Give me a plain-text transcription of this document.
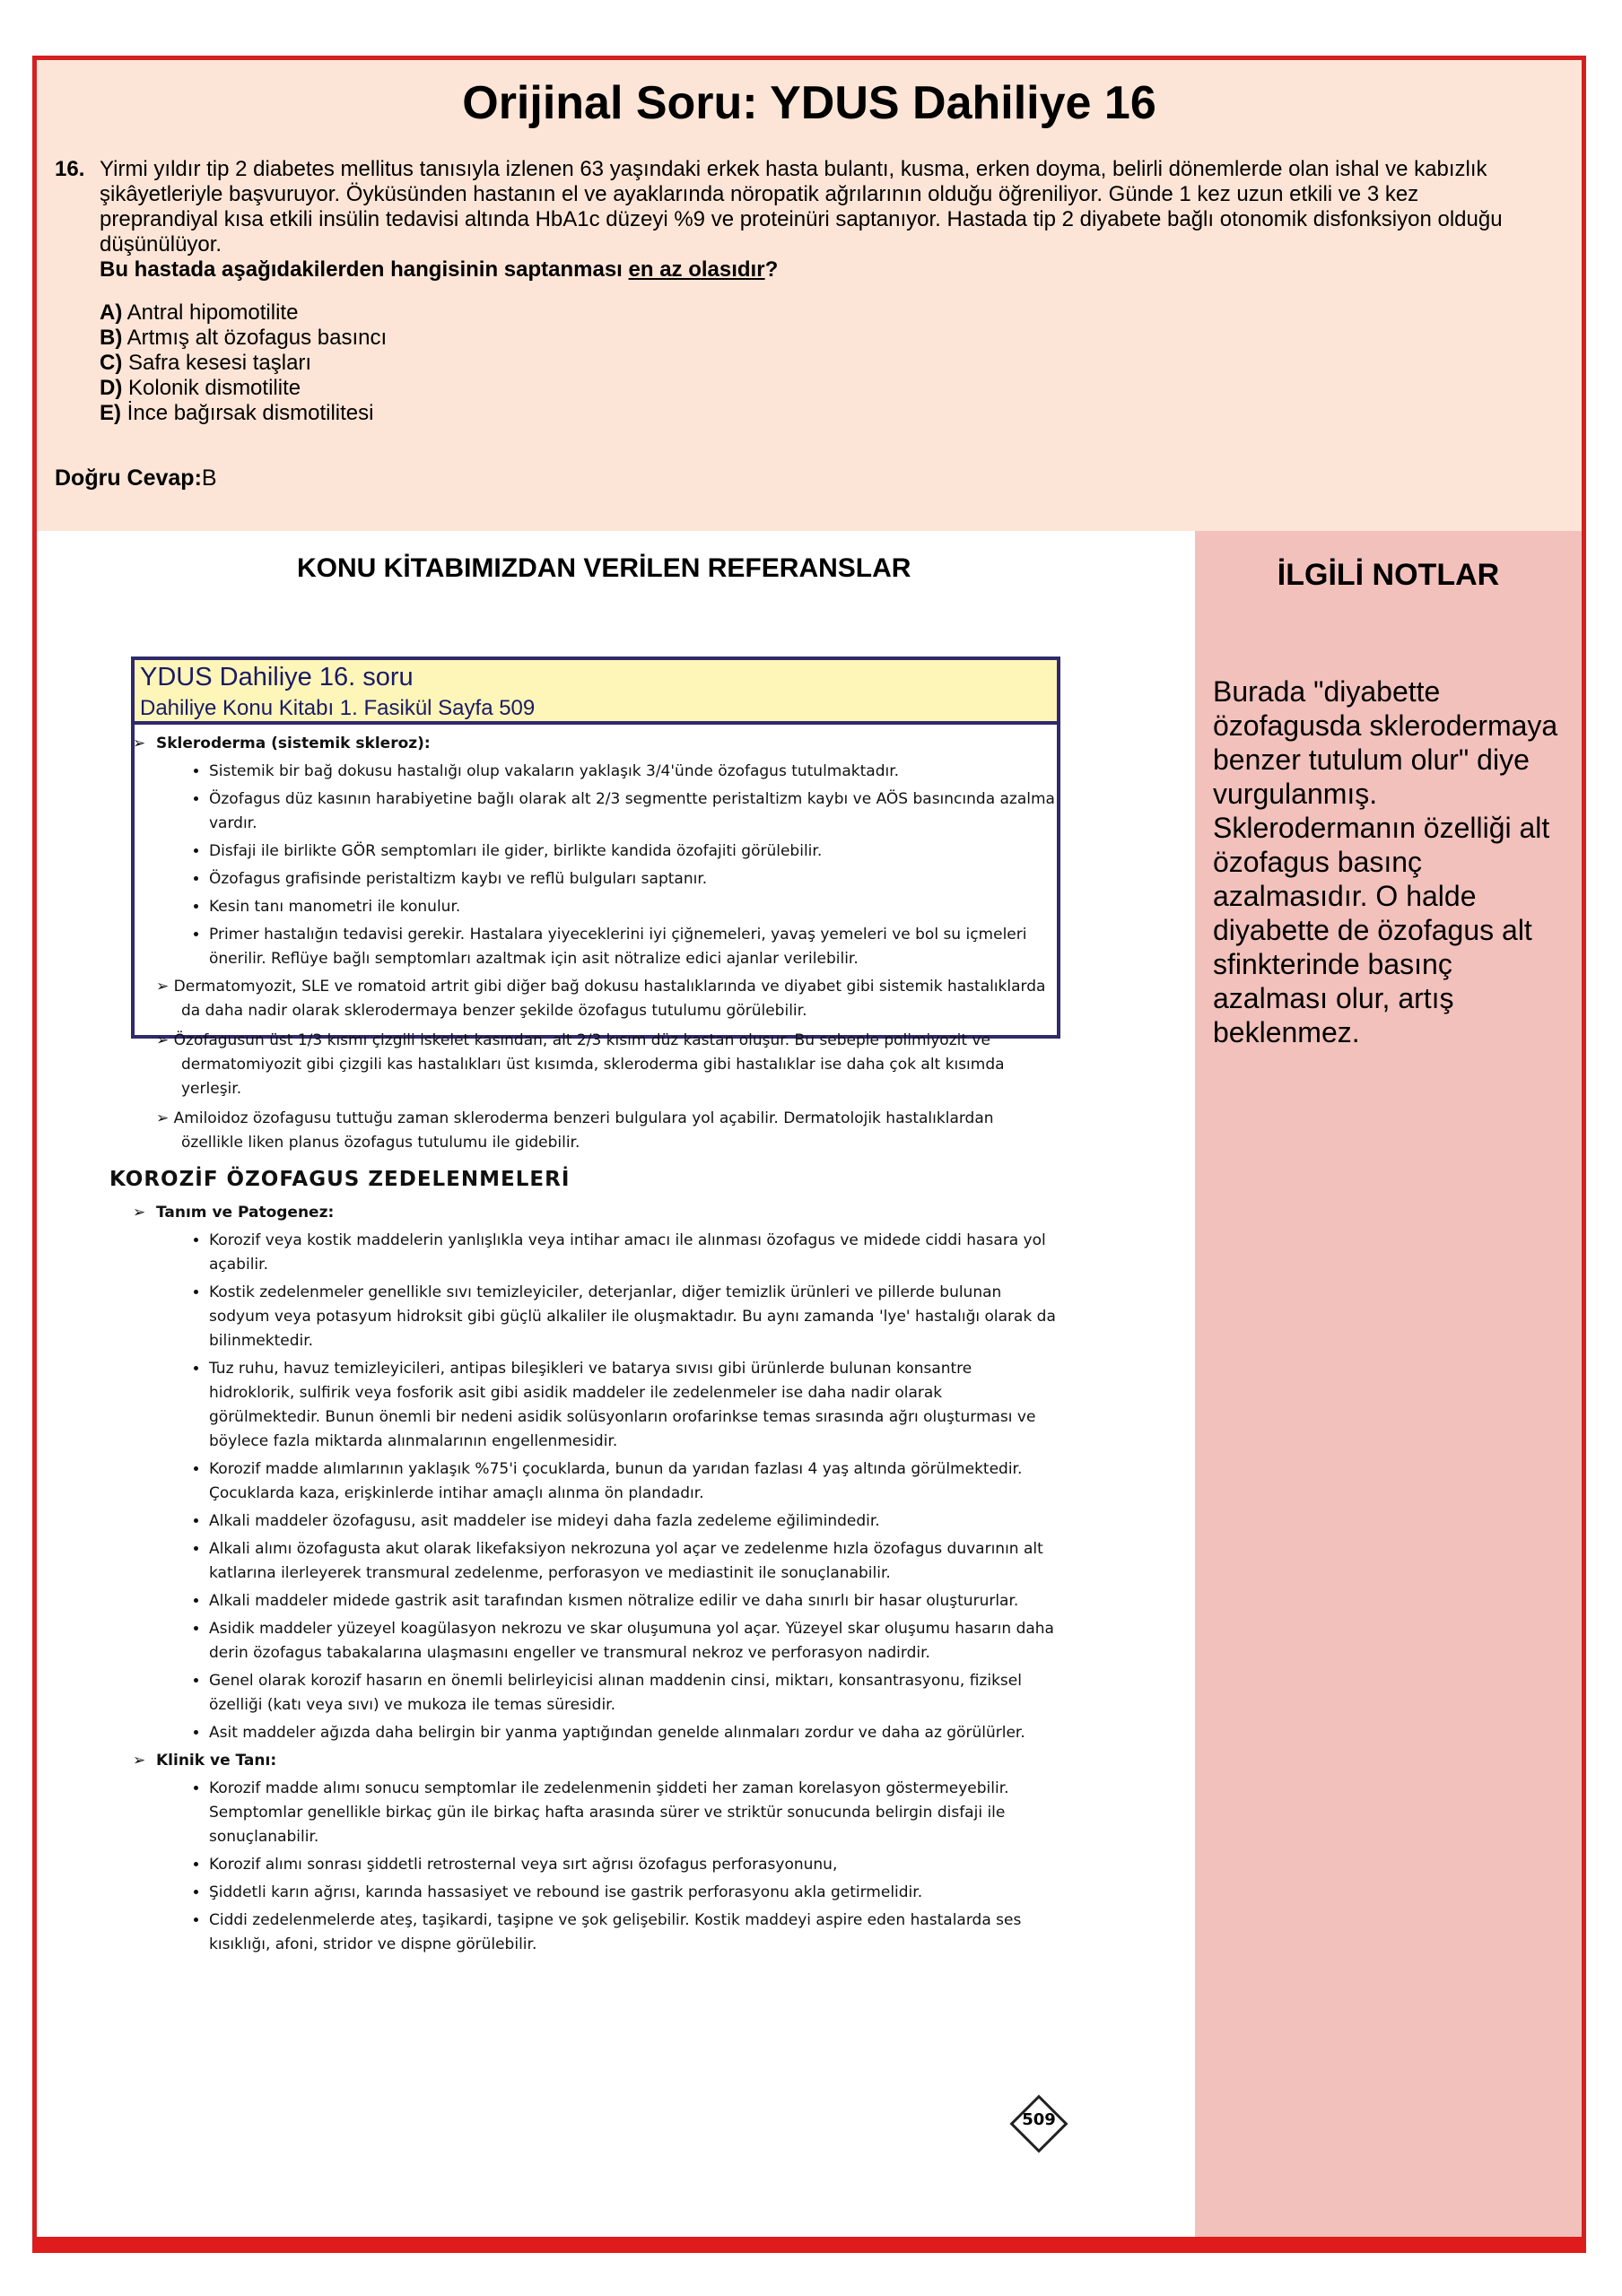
Orijinal Soru: YDUS Dahiliye 16
16. Yirmi yıldır tip 2 diabetes mellitus tanısıyla izlenen 63 yaşındaki erkek hasta bulantı, kusma, erken doyma, belirli dönemlerde olan ishal ve kabızlık şikâyetleriyle başvuruyor. Öyküsünden hastanın el ve ayaklarında nöropatik ağrılarının olduğu öğreniliyor. Günde 1 kez uzun etkili ve 3 kez preprandiyal kısa etkili insülin tedavisi altında HbA1c düzeyi %9 ve proteinüri saptanıyor. Hastada tip 2 diyabete bağlı otonomik disfonksiyon olduğu düşünülüyor.
Bu hastada aşağıdakilerden hangisinin saptanması en az olasıdır?
A) Antral hipomotilite
B) Artmış alt özofagus basıncı
C) Safra kesesi taşları
D) Kolonik dismotilite
E) İnce bağırsak dismotilitesi
Doğru Cevap:B
KONU KİTABIMIZDAN VERİLEN REFERANSLAR	İLGİLİ NOTLAR
Burada "diyabette özofagusda sklerodermaya benzer tutulum olur" diye vurgulanmış. Sklerodermanın özelliği alt özofagus basınç azalmasıdır. O halde diyabette de özofagus alt sfinkterinde basınç azalması olur, artış beklenmez.
YDUS Dahiliye 16. soru
Dahiliye Konu Kitabı 1. Fasikül Sayfa 509
➢ Skleroderma (sistemik skleroz):
• Sistemik bir bağ dokusu hastalığı olup vakaların yaklaşık 3/4'ünde özofagus tutulmaktadır.
• Özofagus düz kasının harabiyetine bağlı olarak alt 2/3 segmentte peristaltizm kaybı ve AÖS basıncında azalma vardır.
• Disfaji ile birlikte GÖR semptomları ile gider, birlikte kandida özofajiti görülebilir.
• Özofagus grafisinde peristaltizm kaybı ve reflü bulguları saptanır.
• Kesin tanı manometri ile konulur.
• Primer hastalığın tedavisi gerekir. Hastalara yiyeceklerini iyi çiğnemeleri, yavaş yemeleri ve bol su içmeleri önerilir. Reflüye bağlı semptomları azaltmak için asit nötralize edici ajanlar verilebilir.
➢ Dermatomyozit, SLE ve romatoid artrit gibi diğer bağ dokusu hastalıklarında ve diyabet gibi sistemik hastalıklarda da daha nadir olarak sklerodermaya benzer şekilde özofagus tutulumu görülebilir.
➢ Özofagusun üst 1/3 kısmı çizgili iskelet kasından, alt 2/3 kısım düz kastan oluşur. Bu sebeple polimiyozit ve dermatomiyozit gibi çizgili kas hastalıkları üst kısımda, skleroderma gibi hastalıklar ise daha çok alt kısımda yerleşir.
➢ Amiloidoz özofagusu tuttuğu zaman skleroderma benzeri bulgulara yol açabilir. Dermatolojik hastalıklardan özellikle liken planus özofagus tutulumu ile gidebilir.
KOROZİF ÖZOFAGUS ZEDELENMELERİ
➢ Tanım ve Patogenez:
• Korozif veya kostik maddelerin yanlışlıkla veya intihar amacı ile alınması özofagus ve midede ciddi hasara yol açabilir.
• Kostik zedelenmeler genellikle sıvı temizleyiciler, deterjanlar, diğer temizlik ürünleri ve pillerde bulunan sodyum veya potasyum hidroksit gibi güçlü alkaliler ile oluşmaktadır. Bu aynı zamanda 'lye' hastalığı olarak da bilinmektedir.
• Tuz ruhu, havuz temizleyicileri, antipas bileşikleri ve batarya sıvısı gibi ürünlerde bulunan konsantre hidroklorik, sulfirik veya fosforik asit gibi asidik maddeler ile zedelenmeler ise daha nadir olarak görülmektedir. Bunun önemli bir nedeni asidik solüsyonların orofarinkse temas sırasında ağrı oluşturması ve böylece fazla miktarda alınmalarının engellenmesidir.
• Korozif madde alımlarının yaklaşık %75'i çocuklarda, bunun da yarıdan fazlası 4 yaş altında görülmektedir. Çocuklarda kaza, erişkinlerde intihar amaçlı alınma ön plandadır.
• Alkali maddeler özofagusu, asit maddeler ise mideyi daha fazla zedeleme eğilimindedir.
• Alkali alımı özofagusta akut olarak likefaksiyon nekrozuna yol açar ve zedelenme hızla özofagus duvarının alt katlarına ilerleyerek transmural zedelenme, perforasyon ve mediastinit ile sonuçlanabilir.
• Alkali maddeler midede gastrik asit tarafından kısmen nötralize edilir ve daha sınırlı bir hasar oluştururlar.
• Asidik maddeler yüzeyel koagülasyon nekrozu ve skar oluşumuna yol açar. Yüzeyel skar oluşumu hasarın daha derin özofagus tabakalarına ulaşmasını engeller ve transmural nekroz ve perforasyon nadirdir.
• Genel olarak korozif hasarın en önemli belirleyicisi alınan maddenin cinsi, miktarı, konsantrasyonu, fiziksel özelliği (katı veya sıvı) ve mukoza ile temas süresidir.
• Asit maddeler ağızda daha belirgin bir yanma yaptığından genelde alınmaları zordur ve daha az görülürler.
➢ Klinik ve Tanı:
• Korozif madde alımı sonucu semptomlar ile zedelenmenin şiddeti her zaman korelasyon göstermeyebilir. Semptomlar genellikle birkaç gün ile birkaç hafta arasında sürer ve striktür sonucunda belirgin disfaji ile sonuçlanabilir.
• Korozif alımı sonrası şiddetli retrosternal veya sırt ağrısı özofagus perforasyonunu,
• Şiddetli karın ağrısı, karında hassasiyet ve rebound ise gastrik perforasyonu akla getirmelidir.
• Ciddi zedelenmelerde ateş, taşikardi, taşipne ve şok gelişebilir. Kostik maddeyi aspire eden hastalarda ses kısıklığı, afoni, stridor ve dispne görülebilir.
509
